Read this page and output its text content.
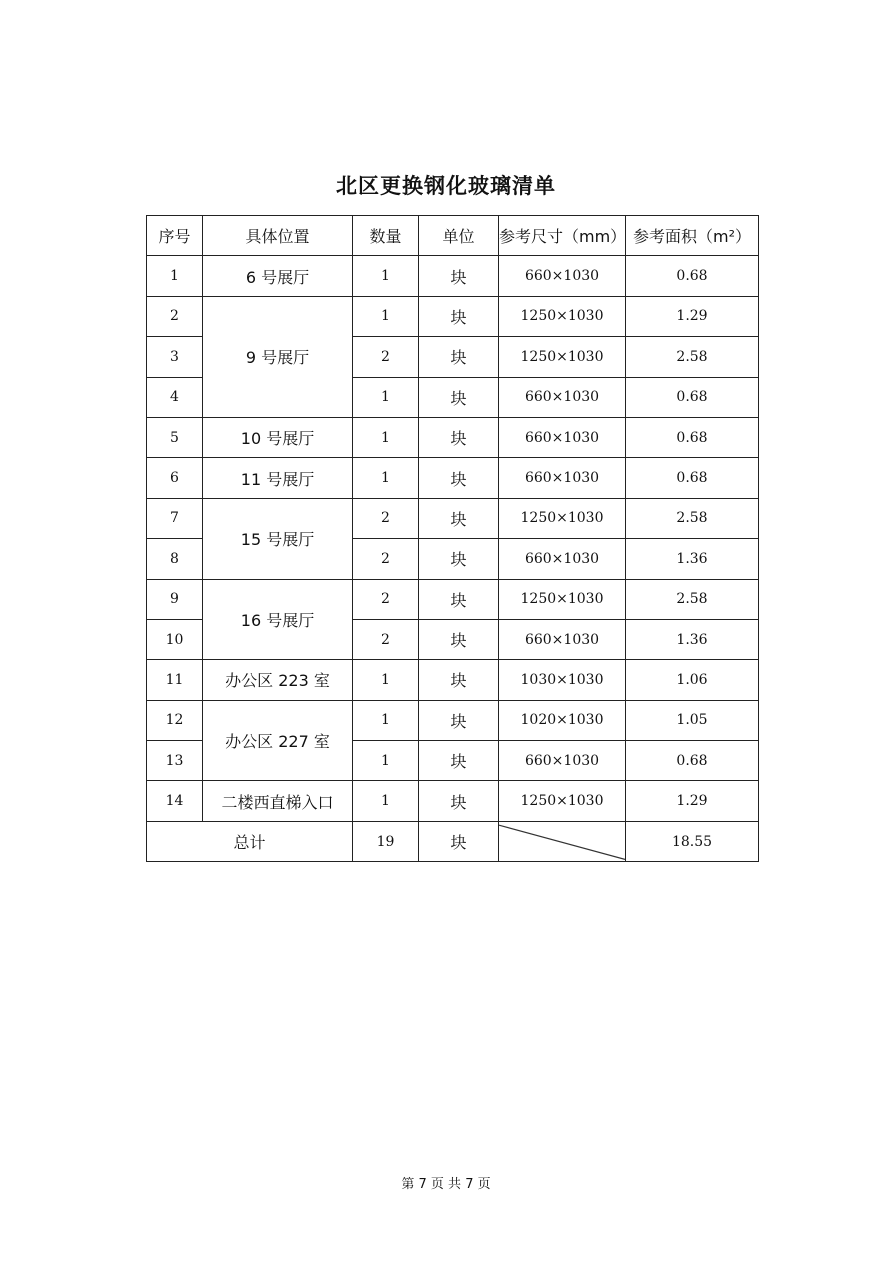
北区更换钢化玻璃清单
序号	具体位置	数量	单位	参考尺寸（mm）	参考面积（m²）
1	6 号展厅	1	块	660×1030	0.68
2	9 号展厅	1	块	1250×1030	1.29
3		2	块	1250×1030	2.58
4		1	块	660×1030	0.68
5	10 号展厅	1	块	660×1030	0.68
6	11 号展厅	1	块	660×1030	0.68
7	15 号展厅	2	块	1250×1030	2.58
8		2	块	660×1030	1.36
9	16 号展厅	2	块	1250×1030	2.58
10		2	块	660×1030	1.36
11	办公区 223 室	1	块	1030×1030	1.06
12	办公区 227 室	1	块	1020×1030	1.05
13		1	块	660×1030	0.68
14	二楼西直梯入口	1	块	1250×1030	1.29
总计		19	块		18.55
第 7 页 共 7 页
